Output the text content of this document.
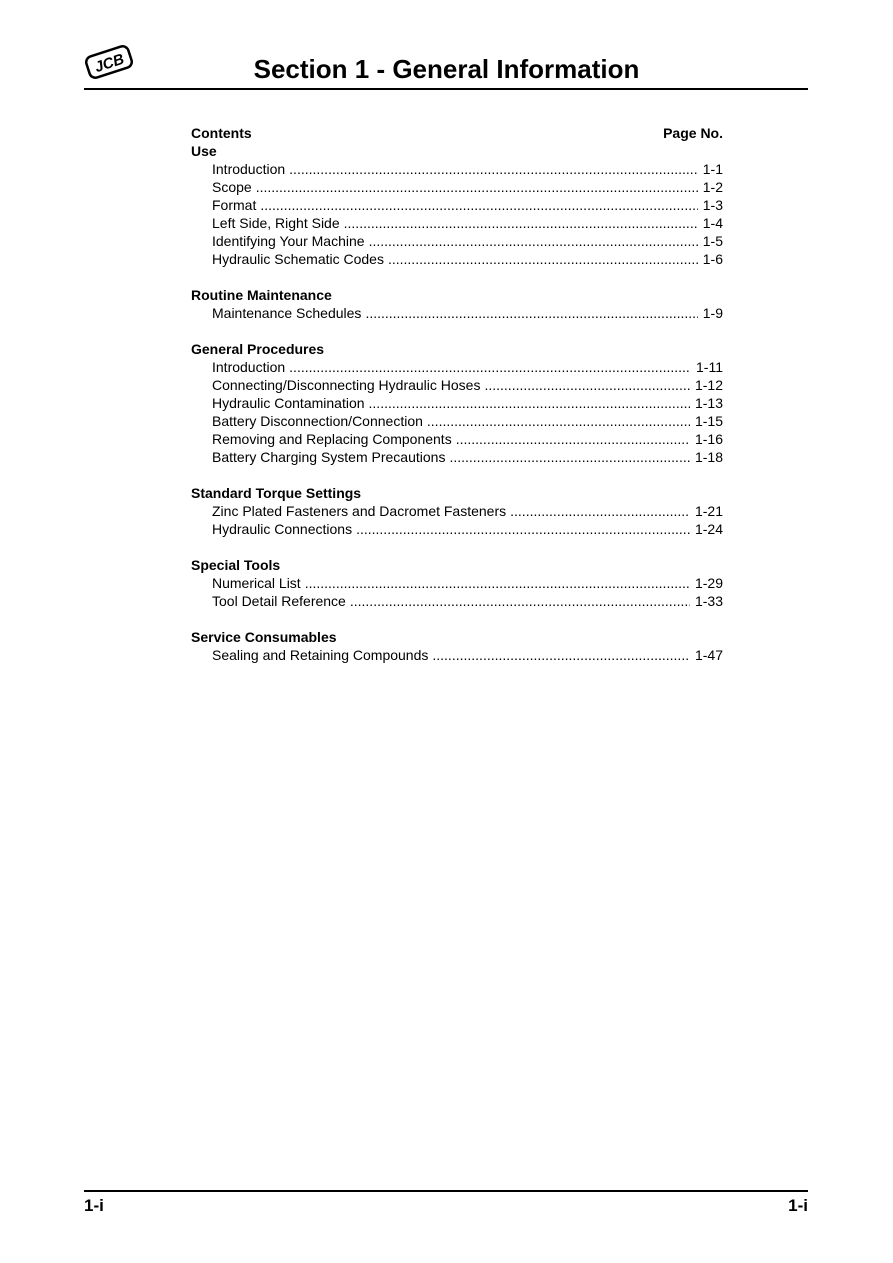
JCB	Section 1 - General Information
Contents	Page No.
Use
Introduction .....	1-1
Scope .....	1-2
Format .....	1-3
Left Side, Right Side .....	1-4
Identifying Your Machine .....	1-5
Hydraulic Schematic Codes .....	1-6
Routine Maintenance
Maintenance Schedules .....	1-9
General Procedures
Introduction .....	1-11
Connecting/Disconnecting Hydraulic Hoses .....	1-12
Hydraulic Contamination .....	1-13
Battery Disconnection/Connection .....	1-15
Removing and Replacing Components .....	1-16
Battery Charging System Precautions .....	1-18
Standard Torque Settings
Zinc Plated Fasteners and Dacromet Fasteners .....	1-21
Hydraulic Connections .....	1-24
Special Tools
Numerical List .....	1-29
Tool Detail Reference .....	1-33
Service Consumables
Sealing and Retaining Compounds .....	1-47
1-i	1-i
